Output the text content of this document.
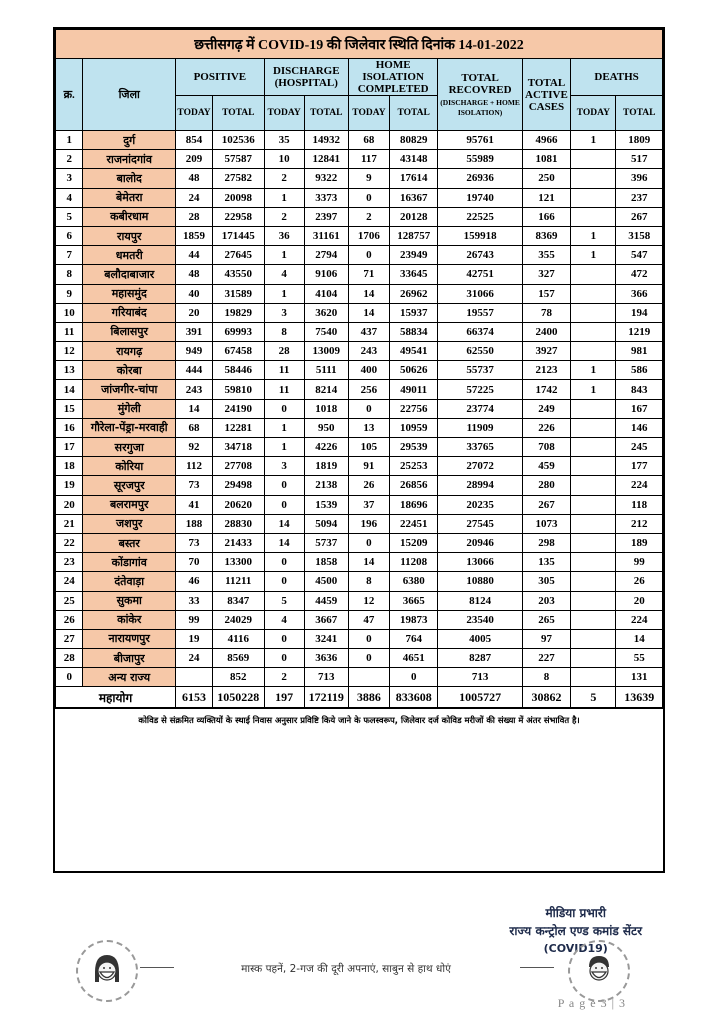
छत्तीसगढ़ में COVID-19 की जिलेवार स्थिति दिनांक 14-01-2022											
क्र.	जिला	POSITIVE		DISCHARGE (HOSPITAL)		HOME ISOLATION COMPLETED		TOTAL RECOVRED
(DISCHARGE + HOME ISOLATION)	TOTAL ACTIVE CASES	DEATHS	
		TODAY	TOTAL	TODAY	TOTAL	TODAY	TOTAL			TODAY	TOTAL
1	दुर्ग	854	102536	35	14932	68	80829	95761	4966	1	1809
2	राजनांदगांव	209	57587	10	12841	117	43148	55989	1081		517
3	बालोद	48	27582	2	9322	9	17614	26936	250		396
4	बेमेतरा	24	20098	1	3373	0	16367	19740	121		237
5	कबीरधाम	28	22958	2	2397	2	20128	22525	166		267
6	रायपुर	1859	171445	36	31161	1706	128757	159918	8369	1	3158
7	धमतरी	44	27645	1	2794	0	23949	26743	355	1	547
8	बलौदाबाजार	48	43550	4	9106	71	33645	42751	327		472
9	महासमुंद	40	31589	1	4104	14	26962	31066	157		366
10	गरियाबंद	20	19829	3	3620	14	15937	19557	78		194
11	बिलासपुर	391	69993	8	7540	437	58834	66374	2400		1219
12	रायगढ़	949	67458	28	13009	243	49541	62550	3927		981
13	कोरबा	444	58446	11	5111	400	50626	55737	2123	1	586
14	जांजगीर-चांपा	243	59810	11	8214	256	49011	57225	1742	1	843
15	मुंगेली	14	24190	0	1018	0	22756	23774	249		167
16	गौरेला-पेंड्रा-मरवाही	68	12281	1	950	13	10959	11909	226		146
17	सरगुजा	92	34718	1	4226	105	29539	33765	708		245
18	कोरिया	112	27708	3	1819	91	25253	27072	459		177
19	सूरजपुर	73	29498	0	2138	26	26856	28994	280		224
20	बलरामपुर	41	20620	0	1539	37	18696	20235	267		118
21	जशपुर	188	28830	14	5094	196	22451	27545	1073		212
22	बस्तर	73	21433	14	5737	0	15209	20946	298		189
23	कोंडागांव	70	13300	0	1858	14	11208	13066	135		99
24	दंतेवाड़ा	46	11211	0	4500	8	6380	10880	305		26
25	सुकमा	33	8347	5	4459	12	3665	8124	203		20
26	कांकेर	99	24029	4	3667	47	19873	23540	265		224
27	नारायणपुर	19	4116	0	3241	0	764	4005	97		14
28	बीजापुर	24	8569	0	3636	0	4651	8287	227		55
0	अन्य राज्य		852	2	713		0	713	8		131
महायोग		6153	1050228	197	172119	3886	833608	1005727	30862	5	13639
कोविड से संक्रमित व्यक्तियों के स्थाई निवास अनुसार प्रविष्टि किये जाने के फलस्वरूप, जिलेवार दर्ज कोविड मरीजों की संख्या में अंतर संभावित है।
मीडिया प्रभारी
राज्य कन्ट्रोल एण्ड कमांड सेंटर
(COVID19)
मास्क पहनें, 2-गज की दूरी अपनाएं, साबुन से हाथ धोएं
P a g e 3 | 3
